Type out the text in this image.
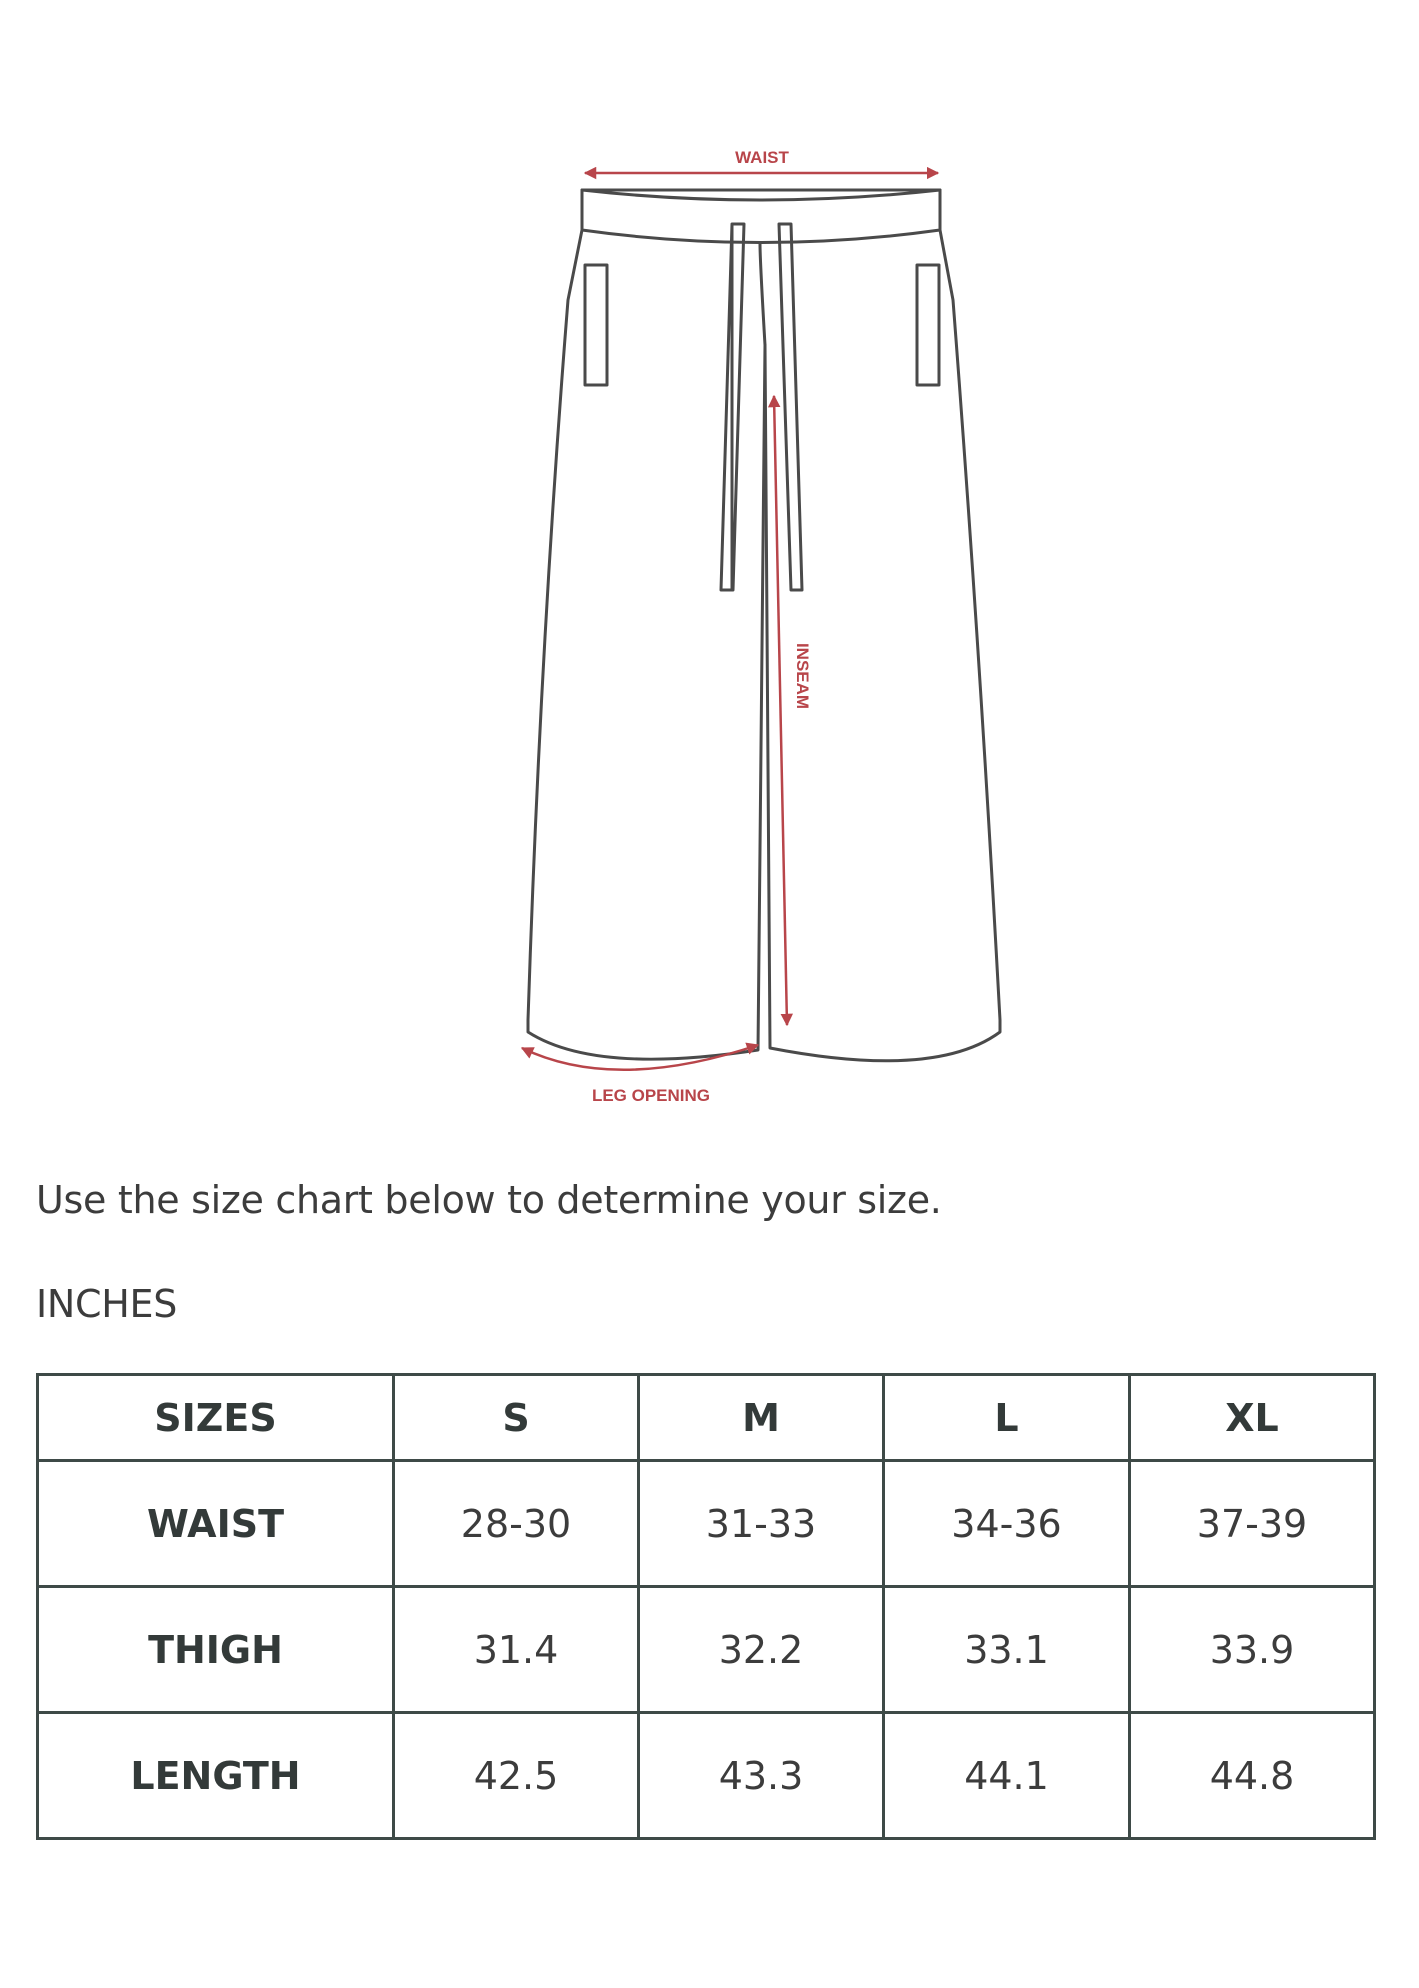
WAIST
INSEAM
LEG OPENING
Use the size chart below to determine your size.
INCHES
SIZES	S	M	L	XL
WAIST	28-30	31-33	34-36	37-39
THIGH	31.4	32.2	33.1	33.9
LENGTH	42.5	43.3	44.1	44.8
